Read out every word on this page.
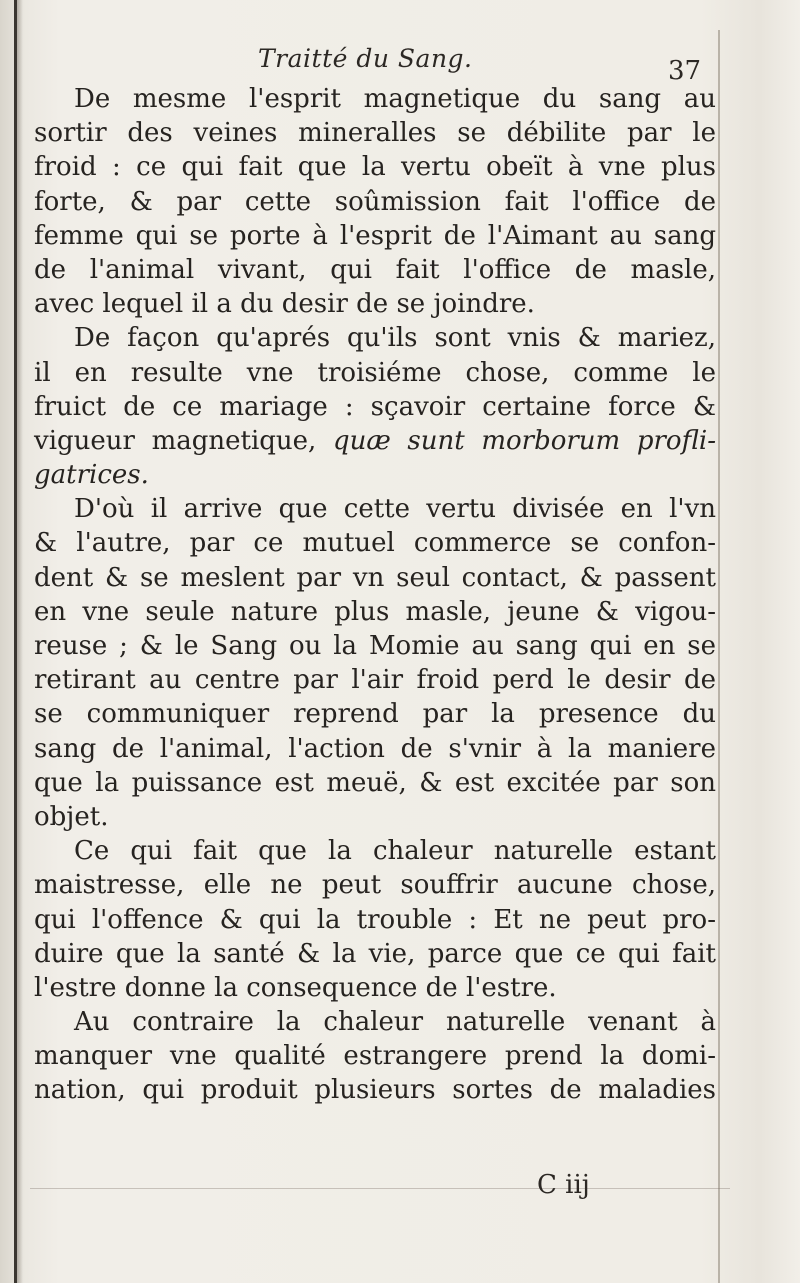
Traitté du Sang.	37
De mesme l'esprit magnetique du sang au
sortir des veines mineralles se débilite par le
froid : ce qui fait que la vertu obeït à vne plus
forte, & par cette soûmission fait l'office de
femme qui se porte à l'esprit de l'Aimant au sang
de l'animal vivant, qui fait l'office de masle,
avec lequel il a du desir de se joindre.
De façon qu'aprés qu'ils sont vnis & mariez,
il en resulte vne troisiéme chose, comme le
fruict de ce mariage : sçavoir certaine force &
vigueur magnetique, quæ sunt morborum profli-
gatrices.
D'où il arrive que cette vertu divisée en l'vn
& l'autre, par ce mutuel commerce se confon-
dent & se meslent par vn seul contact, & passent
en vne seule nature plus masle, jeune & vigou-
reuse ; & le Sang ou la Momie au sang qui en se
retirant au centre par l'air froid perd le desir de
se communiquer reprend par la presence du
sang de l'animal, l'action de s'vnir à la maniere
que la puissance est meuë, & est excitée par son
objet.
Ce qui fait que la chaleur naturelle estant
maistresse, elle ne peut souffrir aucune chose,
qui l'offence & qui la trouble : Et ne peut pro-
duire que la santé & la vie, parce que ce qui fait
l'estre donne la consequence de l'estre.
Au contraire la chaleur naturelle venant à
manquer vne qualité estrangere prend la domi-
nation, qui produit plusieurs sortes de maladies
C iij
